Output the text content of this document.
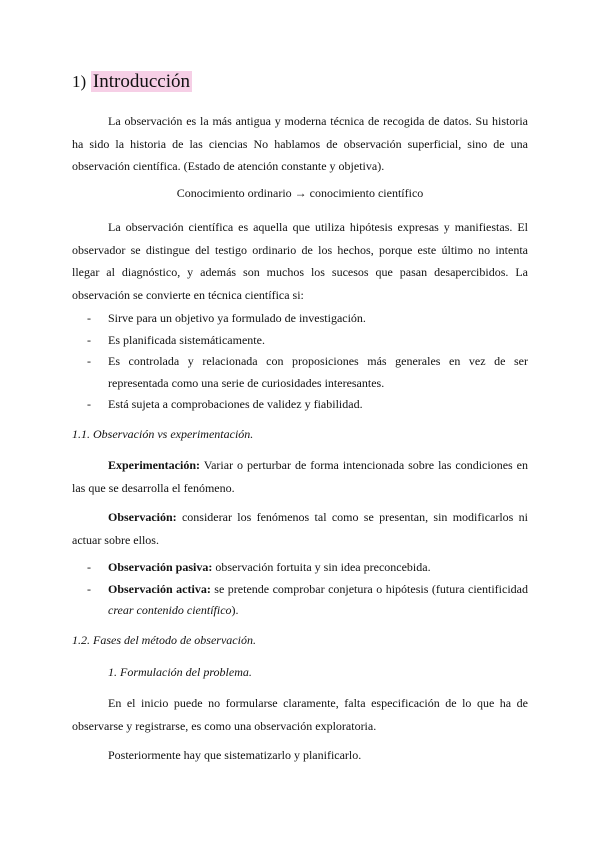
1) Introducción

La observación es la más antigua y moderna técnica de recogida de datos. Su historia ha sido la historia de las ciencias No hablamos de observación superficial, sino de una observación científica. (Estado de atención constante y objetiva).

Conocimiento ordinario → conocimiento científico

La observación científica es aquella que utiliza hipótesis expresas y manifiestas. El observador se distingue del testigo ordinario de los hechos, porque este último no intenta llegar al diagnóstico, y además son muchos los sucesos que pasan desapercibidos. La observación se convierte en técnica científica si:

- Sirve para un objetivo ya formulado de investigación.
- Es planificada sistemáticamente.
- Es controlada y relacionada con proposiciones más generales en vez de ser representada como una serie de curiosidades interesantes.
- Está sujeta a comprobaciones de validez y fiabilidad.

1.1. Observación vs experimentación.

Experimentación: Variar o perturbar de forma intencionada sobre las condiciones en las que se desarrolla el fenómeno.

Observación: considerar los fenómenos tal como se presentan, sin modificarlos ni actuar sobre ellos.

- Observación pasiva: observación fortuita y sin idea preconcebida.
- Observación activa: se pretende comprobar conjetura o hipótesis (futura cientificidad crear contenido científico).

1.2. Fases del método de observación.

1. Formulación del problema.

En el inicio puede no formularse claramente, falta especificación de lo que ha de observarse y registrarse, es como una observación exploratoria.

Posteriormente hay que sistematizarlo y planificarlo.
